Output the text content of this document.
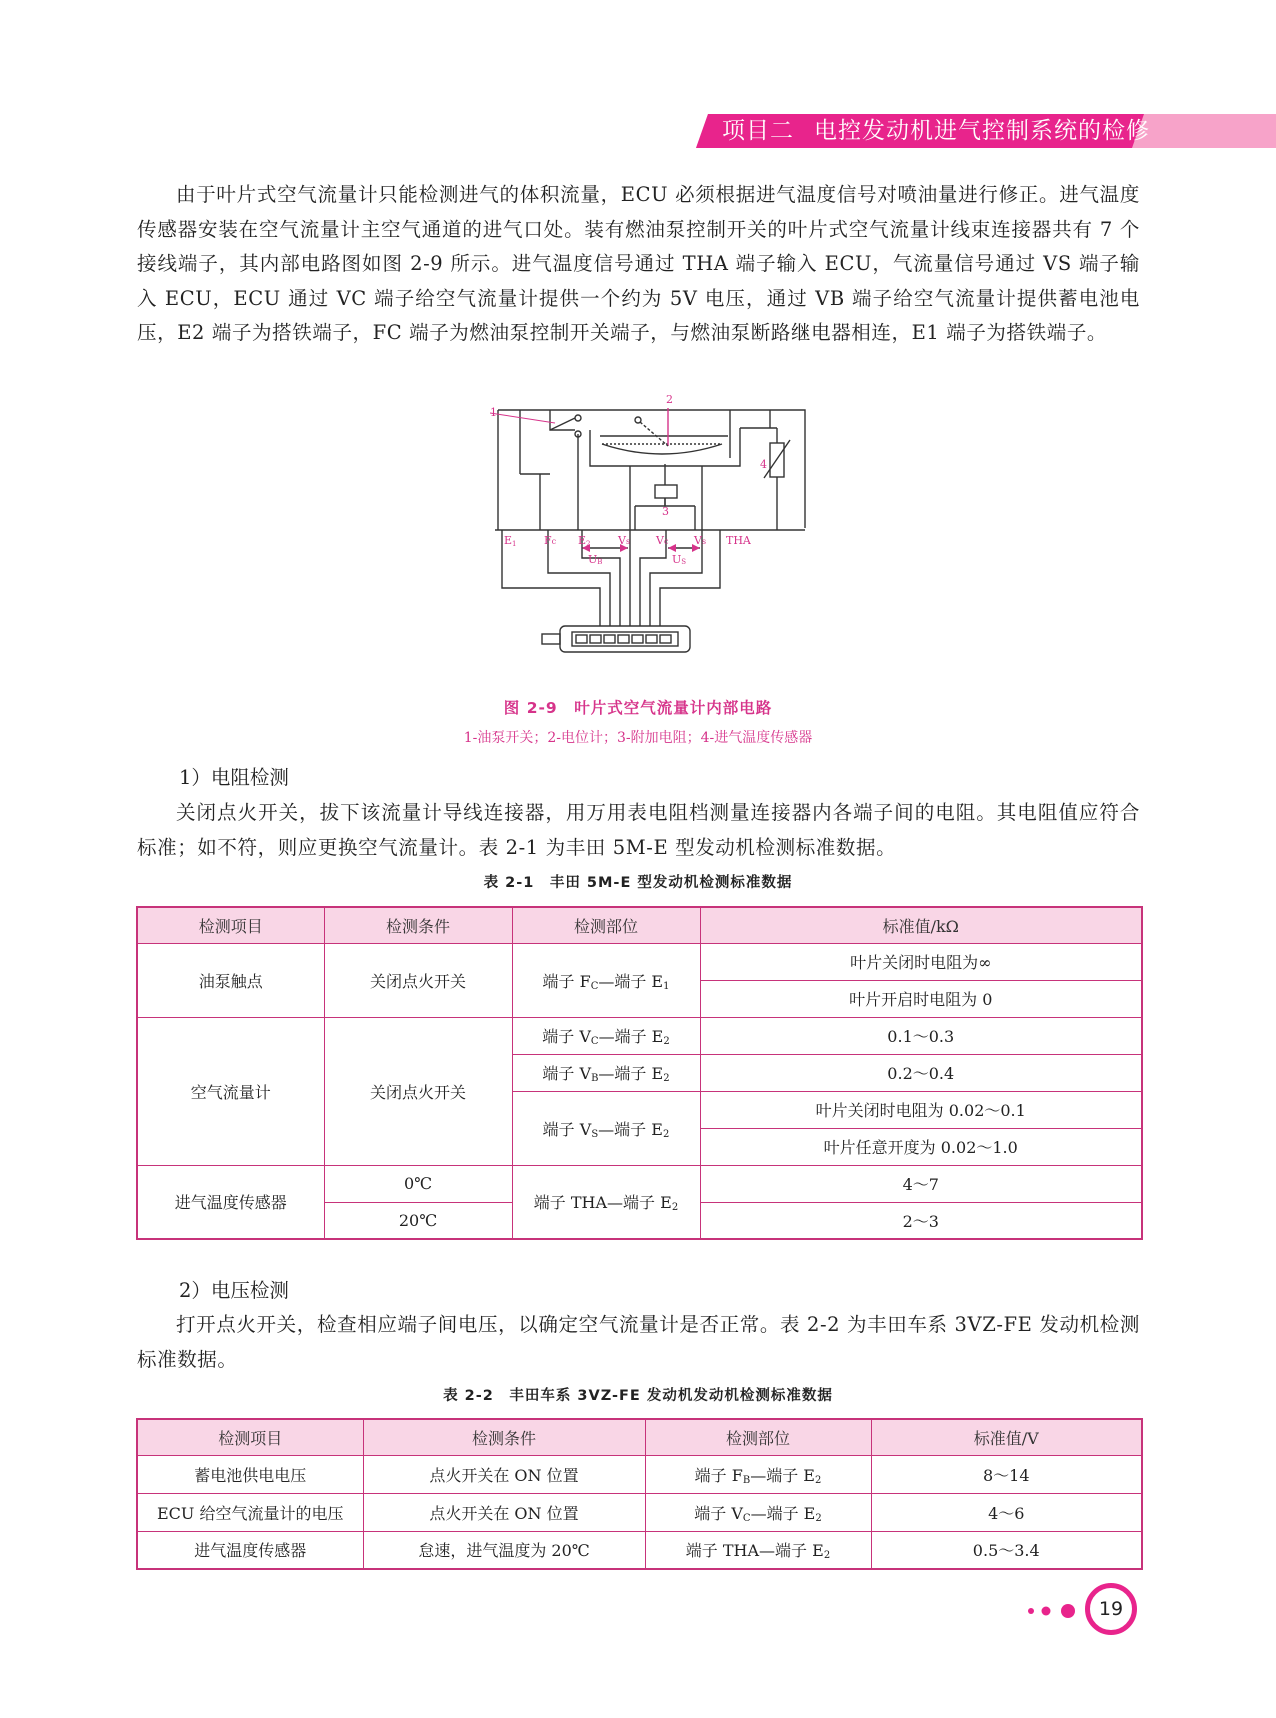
项目二 电控发动机进气控制系统的检修

由于叶片式空气流量计只能检测进气的体积流量，ECU 必须根据进气温度信号对喷油量进行修正。进气温度传感器安装在空气流量计主空气通道的进气口处。装有燃油泵控制开关的叶片式空气流量计线束连接器共有 7 个接线端子，其内部电路图如图 2-9 所示。进气温度信号通过 THA 端子输入 ECU，气流量信号通过 VS 端子输入 ECU，ECU 通过 VC 端子给空气流量计提供一个约为 5V 电压，通过 VB 端子给空气流量计提供蓄电池电压，E2 端子为搭铁端子，FC 端子为燃油泵控制开关端子，与燃油泵断路继电器相连，E1 端子为搭铁端子。

1
2
3
4
E1	Fc E2	Vs Vc Vs THA
UB	US
图 2-9　叶片式空气流量计内部电路
1-油泵开关；2-电位计；3-附加电阻；4-进气温度传感器
1）电阻检测

关闭点火开关，拔下该流量计导线连接器，用万用表电阻档测量连接器内各端子间的电阻。其电阻值应符合标准；如不符，则应更换空气流量计。表 2-1 为丰田 5M-E 型发动机检测标准数据。

表 2-1　丰田 5M-E 型发动机检测标准数据
检测项目	检测条件	检测部位	标准值/kΩ
油泵触点	关闭点火开关	端子 $F_C—$端子 $E_1$	叶片关闭时电阻为∞
			叶片开启时电阻为 0
空气流量计	关闭点火开关	端子 $V_C—$端子 $E_2$	0.1～0.3
		端子 $V_B—$端子 $E_2$	0.2～0.4
		端子 $V_S—$端子 $E_2$	叶片关闭时电阻为 0.02～0.1
			叶片任意开度为 0.02～1.0
进气温度传感器	0℃	端子 THA—端子 $E_2$	4～7
	20℃		2～3
2）电压检测

打开点火开关，检查相应端子间电压，以确定空气流量计是否正常。表 2-2 为丰田车系 3VZ-FE 发动机检测标准数据。

表 2-2　丰田车系 3VZ-FE 发动机发动机检测标准数据
检测项目	检测条件	检测部位	标准值/V
蓄电池供电电压	点火开关在 ON 位置	端子 $F_B—$端子 $E_2$	8～14
ECU 给空气流量计的电压	点火开关在 ON 位置	端子 $V_C—$端子 $E_2$	4～6
进气温度传感器	怠速，进气温度为 20℃	端子 THA—端子 $E_2$	0.5～3.4
19
